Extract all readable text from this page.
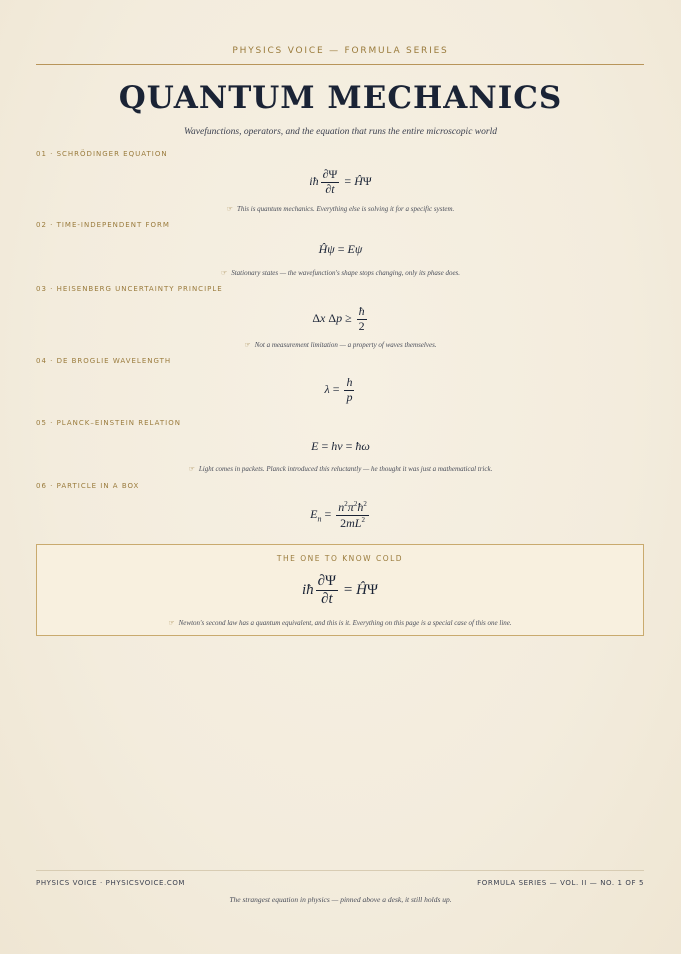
PHYSICS VOICE — FORMULA SERIES
QUANTUM MECHANICS
Wavefunctions, operators, and the equation that runs the entire microscopic world
01 · SCHRÖDINGER EQUATION
iħ $\frac{\partial\Psi}{\partial t}$ = ĤΨ
☞ This is quantum mechanics. Everything else is solving it for a specific system.
02 · TIME-INDEPENDENT FORM
Ĥψ = Eψ
☞ Stationary states — the wavefunction's shape stops changing, only its phase does.
03 · HEISENBERG UNCERTAINTY PRINCIPLE
Δx $\Delta p \ge \frac{ħ}{2}$
☞ Not a measurement limitation — a property of waves themselves.
04 · DE BROGLIE WAVELENGTH
$\lambda = \frac{h}{p}$
05 · PLANCK–EINSTEIN RELATION
E = hν = ħω
☞ Light comes in packets. Planck introduced this reluctantly — he thought it was just a mathematical trick.
06 · PARTICLE IN A BOX
$E_n = \frac{n^2\pi^2ħ^2}{2mL^2}$
THE ONE TO KNOW COLD
iħ $\frac{\partial\Psi}{\partial t}$ = ĤΨ
☞ Newton's second law has a quantum equivalent, and this is it. Everything on this page is a special case of this one line.
PHYSICS VOICE · PHYSICSVOICE.COM	FORMULA SERIES — VOL. II — NO. 1 OF 5
The strangest equation in physics — pinned above a desk, it still holds up.
